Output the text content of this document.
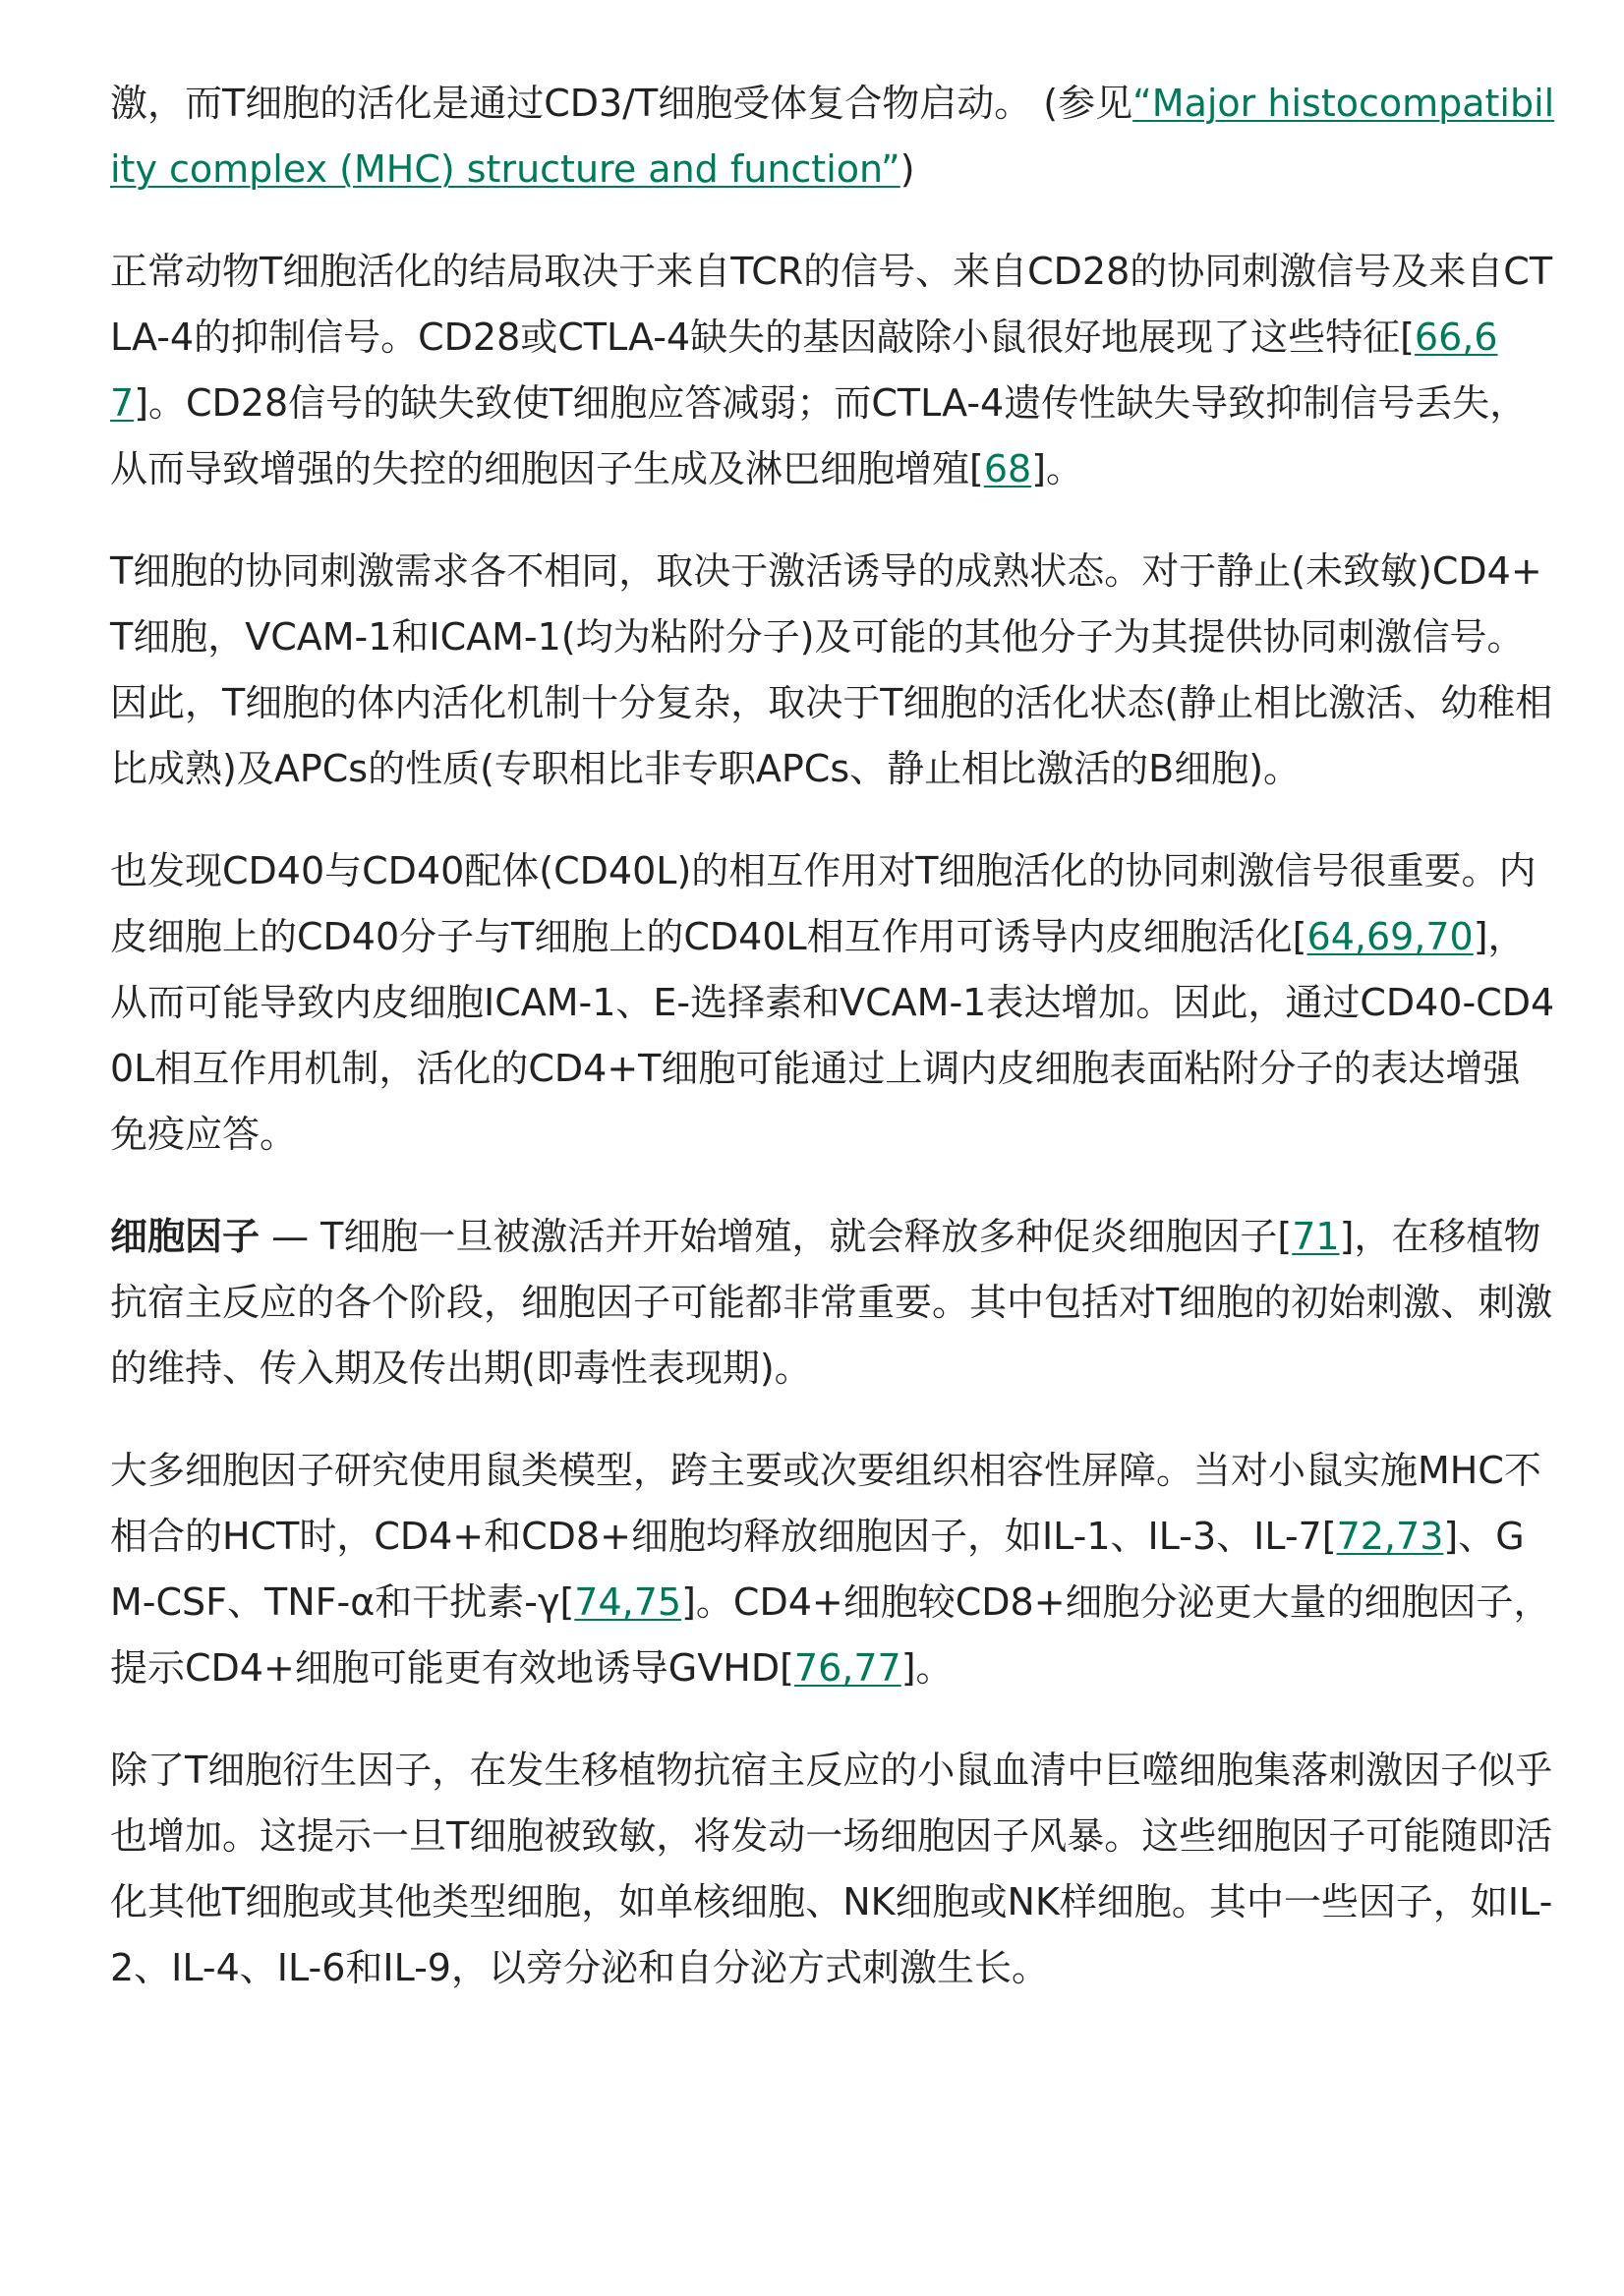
激，而T细胞的活化是通过CD3/T细胞受体复合物启动。 (参见“Major histocompatibility complex (MHC) structure and function”)

正常动物T细胞活化的结局取决于来自TCR的信号、来自CD28的协同刺激信号及来自CTLA-4的抑制信号。CD28或CTLA-4缺失的基因敲除小鼠很好地展现了这些特征[66,67]。CD28信号的缺失致使T细胞应答减弱；而CTLA-4遗传性缺失导致抑制信号丢失，从而导致增强的失控的细胞因子生成及淋巴细胞增殖[68]。

T细胞的协同刺激需求各不相同，取决于激活诱导的成熟状态。对于静止(未致敏)CD4+T细胞，VCAM-1和ICAM-1(均为粘附分子)及可能的其他分子为其提供协同刺激信号。因此，T细胞的体内活化机制十分复杂，取决于T细胞的活化状态(静止相比激活、幼稚相比成熟)及APCs的性质(专职相比非专职APCs、静止相比激活的B细胞)。

也发现CD40与CD40配体(CD40L)的相互作用对T细胞活化的协同刺激信号很重要。内皮细胞上的CD40分子与T细胞上的CD40L相互作用可诱导内皮细胞活化[64,69,70]，从而可能导致内皮细胞ICAM-1、E-选择素和VCAM-1表达增加。因此，通过CD40-CD40L相互作用机制，活化的CD4+T细胞可能通过上调内皮细胞表面粘附分子的表达增强免疫应答。

细胞因子 — T细胞一旦被激活并开始增殖，就会释放多种促炎细胞因子[71]，在移植物抗宿主反应的各个阶段，细胞因子可能都非常重要。其中包括对T细胞的初始刺激、刺激的维持、传入期及传出期(即毒性表现期)。

大多细胞因子研究使用鼠类模型，跨主要或次要组织相容性屏障。当对小鼠实施MHC不相合的HCT时，CD4+和CD8+细胞均释放细胞因子，如IL-1、IL-3、IL-7[72,73]、GM-CSF、TNF-α和干扰素-γ[74,75]。CD4+细胞较CD8+细胞分泌更大量的细胞因子，提示CD4+细胞可能更有效地诱导GVHD[76,77]。

除了T细胞衍生因子，在发生移植物抗宿主反应的小鼠血清中巨噬细胞集落刺激因子似乎也增加。这提示一旦T细胞被致敏，将发动一场细胞因子风暴。这些细胞因子可能随即活化其他T细胞或其他类型细胞，如单核细胞、NK细胞或NK样细胞。其中一些因子，如IL-2、IL-4、IL-6和IL-9，以旁分泌和自分泌方式刺激生长。
